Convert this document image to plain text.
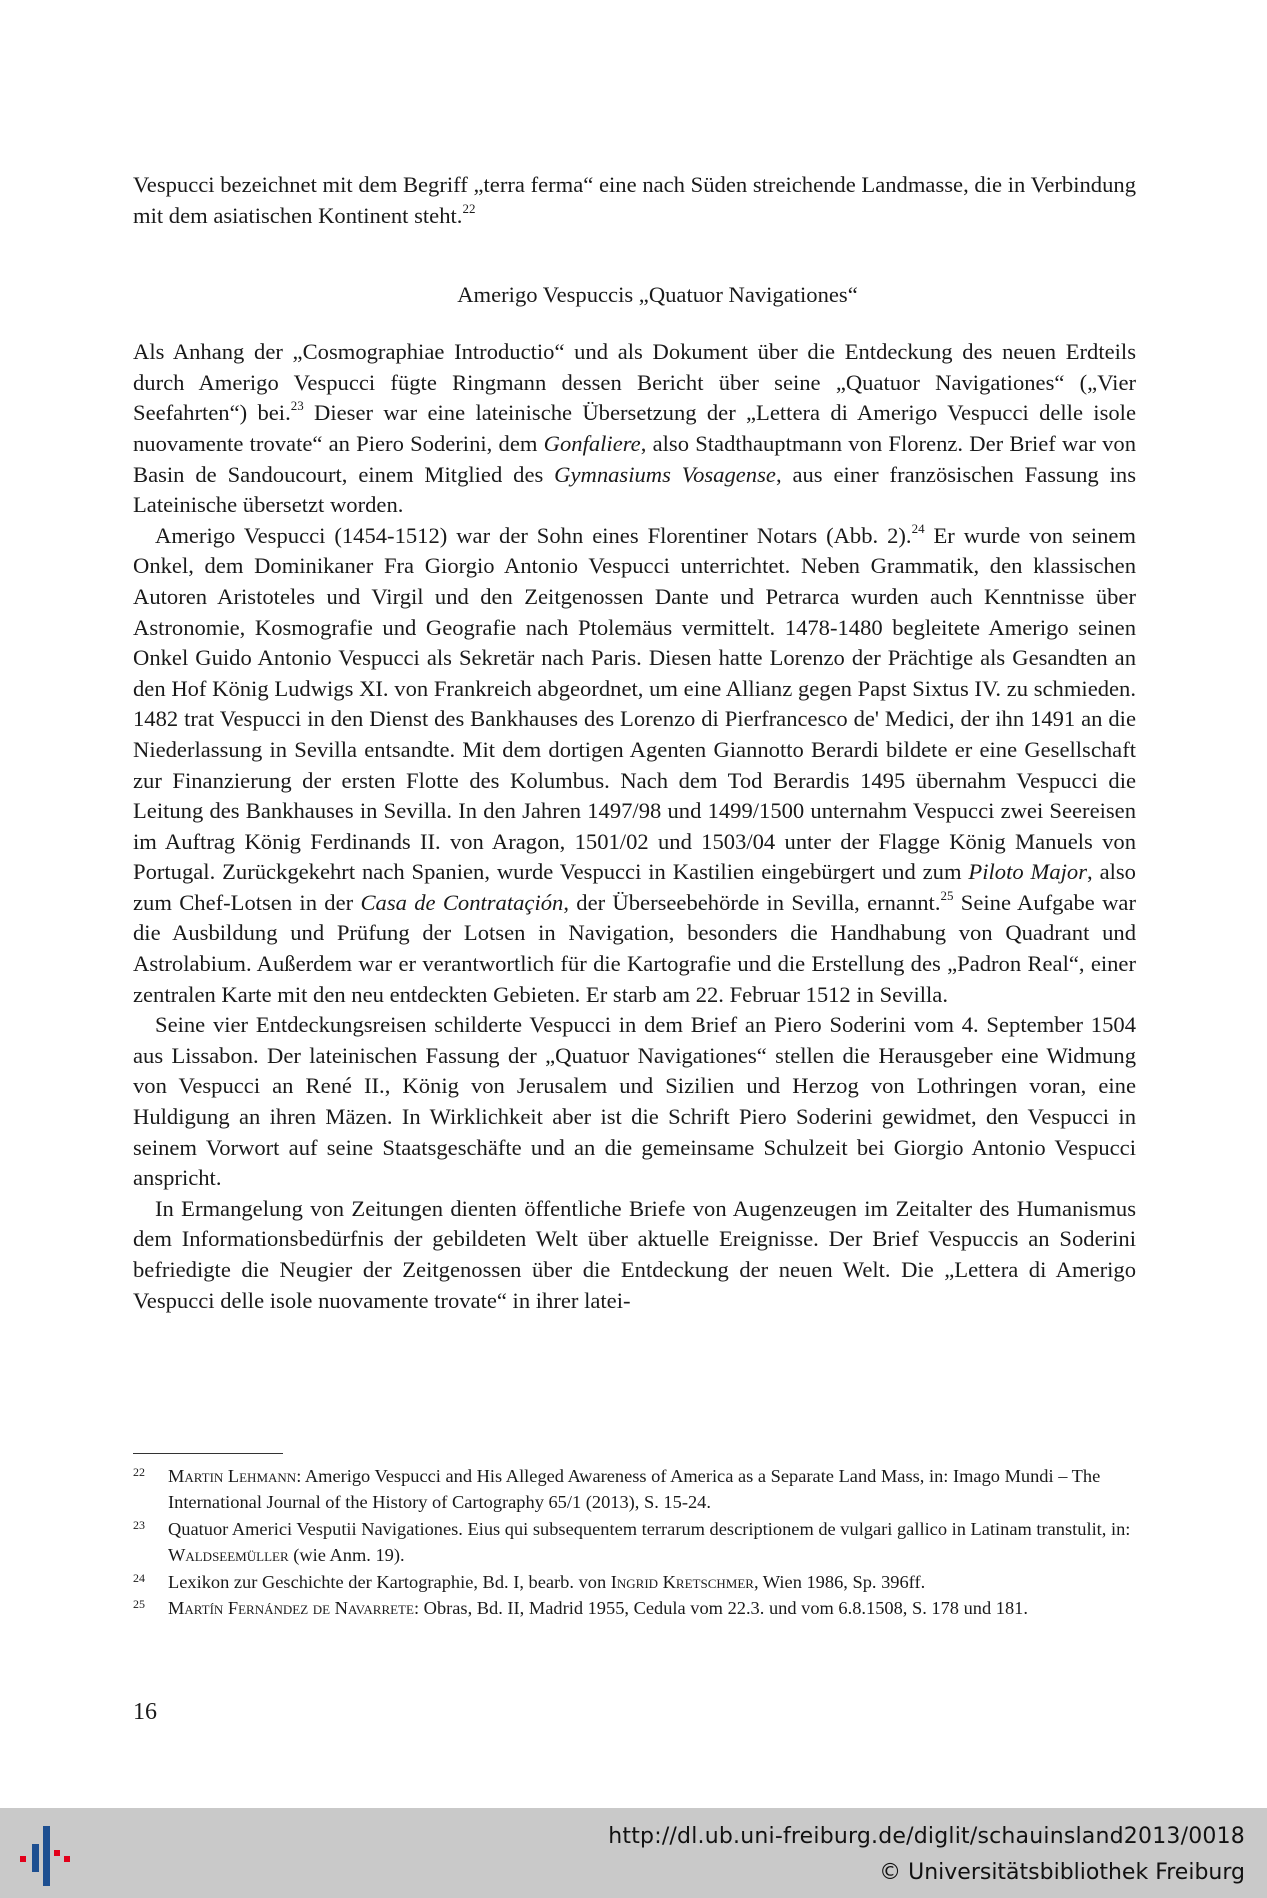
Vespucci bezeichnet mit dem Begriff „terra ferma“ eine nach Süden streichende Landmasse, die in Verbindung mit dem asiatischen Kontinent steht.$^{22}$

Amerigo Vespuccis „Quatuor Navigationes“

Als Anhang der „Cosmographiae Introductio“ und als Dokument über die Entdeckung des neuen Erdteils durch Amerigo Vespucci fügte Ringmann dessen Bericht über seine „Quatuor Navigationes“ („Vier Seefahrten“) bei.$^{23}$ Dieser war eine lateinische Übersetzung der „Lettera di Amerigo Vespucci delle isole nuovamente trovate“ an Piero Soderini, dem Gonfaliere, also Stadthauptmann von Florenz. Der Brief war von Basin de Sandoucourt, einem Mitglied des Gymnasiums Vosagense, aus einer französischen Fassung ins Lateinische übersetzt worden.

Amerigo Vespucci (1454-1512) war der Sohn eines Florentiner Notars (Abb. 2).$^{24}$ Er wurde von seinem Onkel, dem Dominikaner Fra Giorgio Antonio Vespucci unterrichtet. Neben Grammatik, den klassischen Autoren Aristoteles und Virgil und den Zeitgenossen Dante und Petrarca wurden auch Kenntnisse über Astronomie, Kosmografie und Geografie nach Ptolemäus vermittelt. 1478-1480 begleitete Amerigo seinen Onkel Guido Antonio Vespucci als Sekretär nach Paris. Diesen hatte Lorenzo der Prächtige als Gesandten an den Hof König Ludwigs XI. von Frankreich abgeordnet, um eine Allianz gegen Papst Sixtus IV. zu schmieden. 1482 trat Vespucci in den Dienst des Bankhauses des Lorenzo di Pierfrancesco de' Medici, der ihn 1491 an die Niederlassung in Sevilla entsandte. Mit dem dortigen Agenten Giannotto Berardi bildete er eine Gesellschaft zur Finanzierung der ersten Flotte des Kolumbus. Nach dem Tod Berardis 1495 übernahm Vespucci die Leitung des Bankhauses in Sevilla. In den Jahren 1497/98 und 1499/1500 unternahm Vespucci zwei Seereisen im Auftrag König Ferdinands II. von Aragon, 1501/02 und 1503/04 unter der Flagge König Manuels von Portugal. Zurückgekehrt nach Spanien, wurde Vespucci in Kastilien eingebürgert und zum Piloto Major, also zum Chef-Lotsen in der Casa de Contrataçión, der Überseebehörde in Sevilla, ernannt.$^{25}$ Seine Aufgabe war die Ausbildung und Prüfung der Lotsen in Navigation, besonders die Handhabung von Quadrant und Astrolabium. Außerdem war er verantwortlich für die Kartografie und die Erstellung des „Padron Real“, einer zentralen Karte mit den neu entdeckten Gebieten. Er starb am 22. Februar 1512 in Sevilla.

Seine vier Entdeckungsreisen schilderte Vespucci in dem Brief an Piero Soderini vom 4. September 1504 aus Lissabon. Der lateinischen Fassung der „Quatuor Navigationes“ stellen die Herausgeber eine Widmung von Vespucci an René II., König von Jerusalem und Sizilien und Herzog von Lothringen voran, eine Huldigung an ihren Mäzen. In Wirklichkeit aber ist die Schrift Piero Soderini gewidmet, den Vespucci in seinem Vorwort auf seine Staatsgeschäfte und an die gemeinsame Schulzeit bei Giorgio Antonio Vespucci anspricht.

In Ermangelung von Zeitungen dienten öffentliche Briefe von Augenzeugen im Zeitalter des Humanismus dem Informationsbedürfnis der gebildeten Welt über aktuelle Ereignisse. Der Brief Vespuccis an Soderini befriedigte die Neugier der Zeitgenossen über die Entdeckung der neuen Welt. Die „Lettera di Amerigo Vespucci delle isole nuovamente trovate“ in ihrer latei-

22	Martin Lehmann: Amerigo Vespucci and His Alleged Awareness of America as a Separate Land Mass, in: Imago Mundi – The International Journal of the History of Cartography 65/1 (2013), S. 15-24.
23	Quatuor Americi Vesputii Navigationes. Eius qui subsequentem terrarum descriptionem de vulgari gallico in Latinam transtulit, in: Waldseemüller (wie Anm. 19).
24	Lexikon zur Geschichte der Kartographie, Bd. I, bearb. von Ingrid Kretschmer, Wien 1986, Sp. 396ff.
25	Martín Fernández de Navarrete: Obras, Bd. II, Madrid 1955, Cedula vom 22.3. und vom 6.8.1508, S. 178 und 181.
16
http://dl.ub.uni-freiburg.de/diglit/schauinsland2013/0018
© Universitätsbibliothek Freiburg
